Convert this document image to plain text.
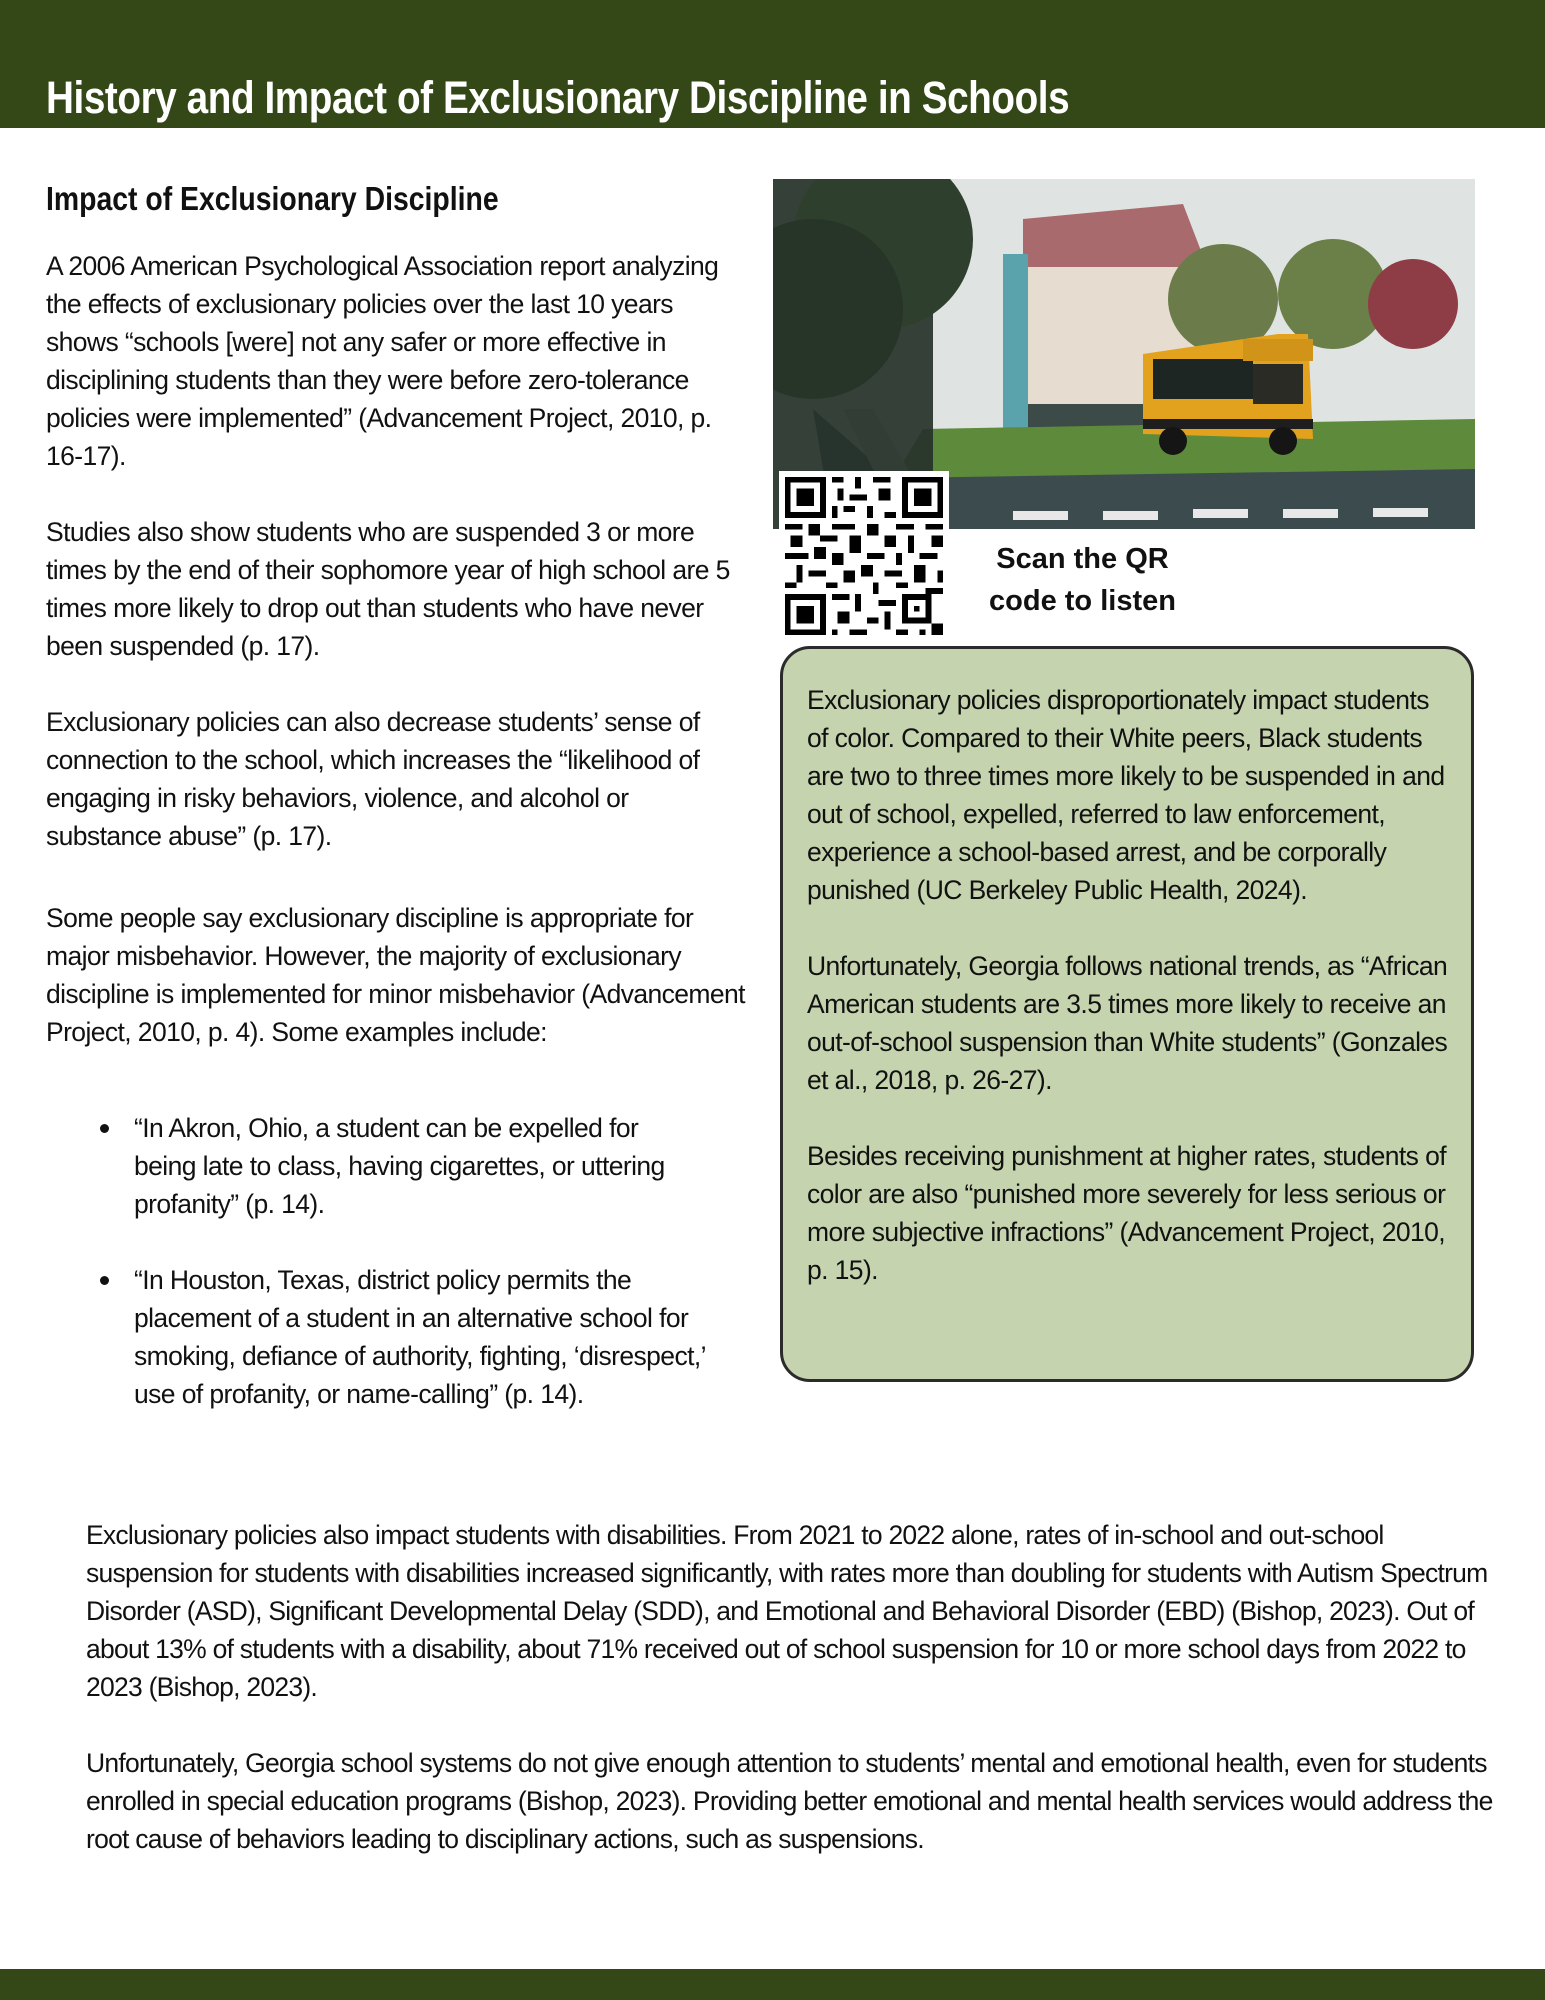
History and Impact of Exclusionary Discipline in Schools
Impact of Exclusionary Discipline

A 2006 American Psychological Association report analyzing the effects of exclusionary policies over the last 10 years shows “schools [were] not any safer or more effective in disciplining students than they were before zero-tolerance policies were implemented” (Advancement Project, 2010, p. 16-17).

Studies also show students who are suspended 3 or more times by the end of their sophomore year of high school are 5 times more likely to drop out than students who have never been suspended (p. 17).

Exclusionary policies can also decrease students’ sense of connection to the school, which increases the “likelihood of engaging in risky behaviors, violence, and alcohol or substance abuse” (p. 17).

Some people say exclusionary discipline is appropriate for major misbehavior. However, the majority of exclusionary discipline is implemented for minor misbehavior (Advancement Project, 2010, p. 4). Some examples include:

“In Akron, Ohio, a student can be expelled for being late to class, having cigarettes, or uttering profanity” (p. 14).

“In Houston, Texas, district policy permits the placement of a student in an alternative school for smoking, defiance of authority, fighting, ‘disrespect,’ use of profanity, or name-calling” (p. 14).

Scan the QR code to listen

Exclusionary policies disproportionately impact students of color. Compared to their White peers, Black students are two to three times more likely to be suspended in and out of school, expelled, referred to law enforcement, experience a school-based arrest, and be corporally punished (UC Berkeley Public Health, 2024).

Unfortunately, Georgia follows national trends, as “African American students are 3.5 times more likely to receive an out-of-school suspension than White students” (Gonzales et al., 2018, p. 26-27).

Besides receiving punishment at higher rates, students of color are also “punished more severely for less serious or more subjective infractions” (Advancement Project, 2010, p. 15).

Exclusionary policies also impact students with disabilities. From 2021 to 2022 alone, rates of in-school and out-school suspension for students with disabilities increased significantly, with rates more than doubling for students with Autism Spectrum Disorder (ASD), Significant Developmental Delay (SDD), and Emotional and Behavioral Disorder (EBD) (Bishop, 2023). Out of about 13% of students with a disability, about 71% received out of school suspension for 10 or more school days from 2022 to 2023 (Bishop, 2023).

Unfortunately, Georgia school systems do not give enough attention to students’ mental and emotional health, even for students enrolled in special education programs (Bishop, 2023). Providing better emotional and mental health services would address the root cause of behaviors leading to disciplinary actions, such as suspensions.
